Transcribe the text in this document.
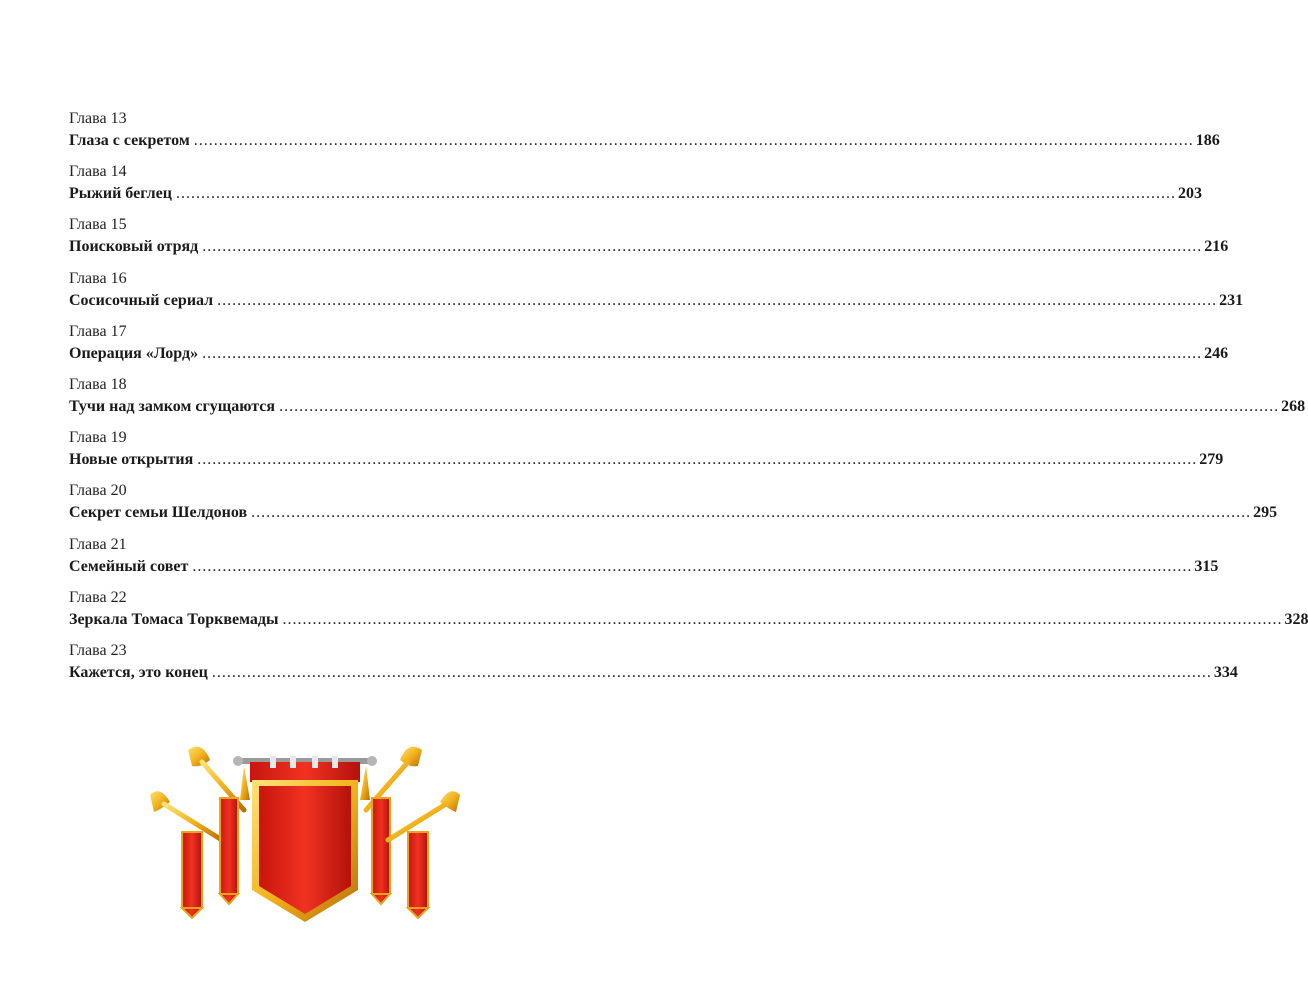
Глава 13
Глаза с секретом ........................................................................................................................................................................................................ 186
Глава 14
Рыжий беглец ........................................................................................................................................................................................................ 203
Глава 15
Поисковый отряд ........................................................................................................................................................................................................ 216
Глава 16
Сосисочный сериал ........................................................................................................................................................................................................ 231
Глава 17
Операция «Лорд» ........................................................................................................................................................................................................ 246
Глава 18
Тучи над замком сгущаются ........................................................................................................................................................................................................ 268
Глава 19
Новые открытия ........................................................................................................................................................................................................ 279
Глава 20
Секрет семьи Шелдонов ........................................................................................................................................................................................................ 295
Глава 21
Семейный совет ........................................................................................................................................................................................................ 315
Глава 22
Зеркала Томаса Торквемады ........................................................................................................................................................................................................ 328
Глава 23
Кажется, это конец ........................................................................................................................................................................................................ 334
